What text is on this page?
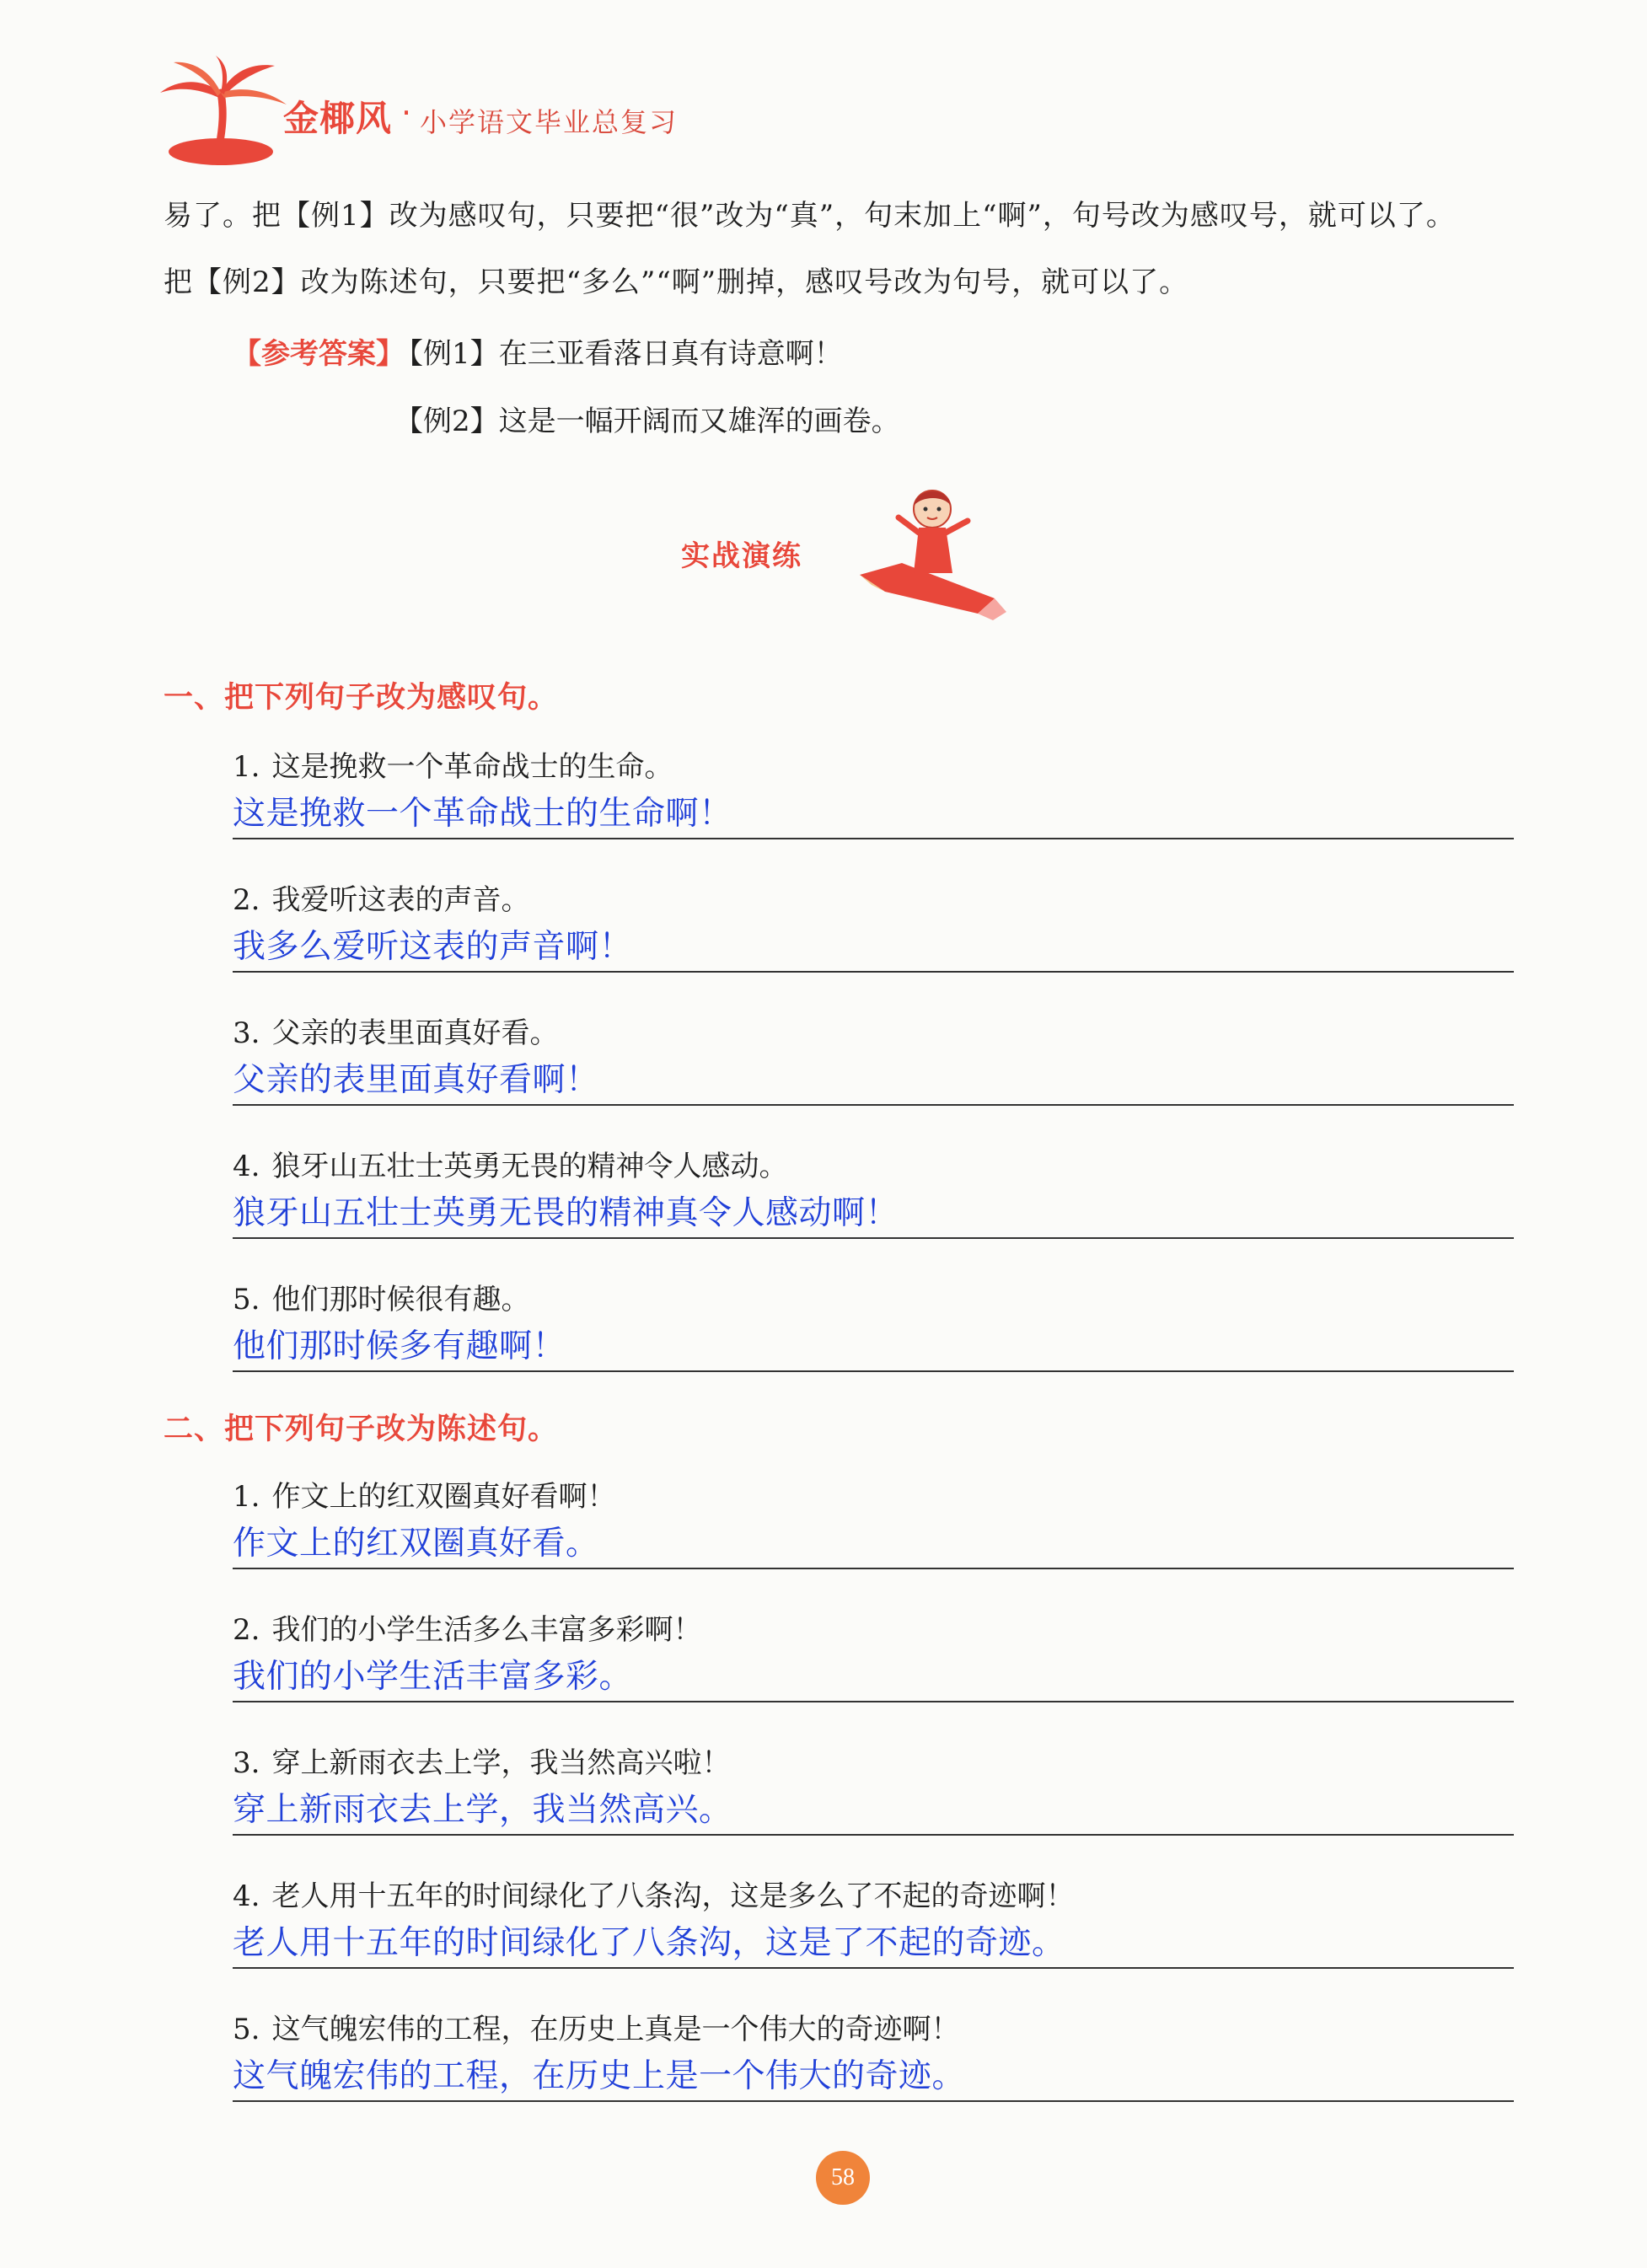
金椰风 · 小学语文毕业总复习
易了。把【例1】改为感叹句，只要把“很”改为“真”，句末加上“啊”，句号改为感叹号，就可以了。
把【例2】改为陈述句，只要把“多么”“啊”删掉，感叹号改为句号，就可以了。
【参考答案】
【例1】在三亚看落日真有诗意啊！
【例2】这是一幅开阔而又雄浑的画卷。
实战演练
一、把下列句子改为感叹句。
1. 这是挽救一个革命战士的生命。
这是挽救一个革命战士的生命啊！
2. 我爱听这表的声音。
我多么爱听这表的声音啊！
3. 父亲的表里面真好看。
父亲的表里面真好看啊！
4. 狼牙山五壮士英勇无畏的精神令人感动。
狼牙山五壮士英勇无畏的精神真令人感动啊！
5. 他们那时候很有趣。
他们那时候多有趣啊！
二、把下列句子改为陈述句。
1. 作文上的红双圈真好看啊！
作文上的红双圈真好看。
2. 我们的小学生活多么丰富多彩啊！
我们的小学生活丰富多彩。
3. 穿上新雨衣去上学，我当然高兴啦！
穿上新雨衣去上学，我当然高兴。
4. 老人用十五年的时间绿化了八条沟，这是多么了不起的奇迹啊！
老人用十五年的时间绿化了八条沟，这是了不起的奇迹。
5. 这气魄宏伟的工程，在历史上真是一个伟大的奇迹啊！
这气魄宏伟的工程，在历史上是一个伟大的奇迹。
58
